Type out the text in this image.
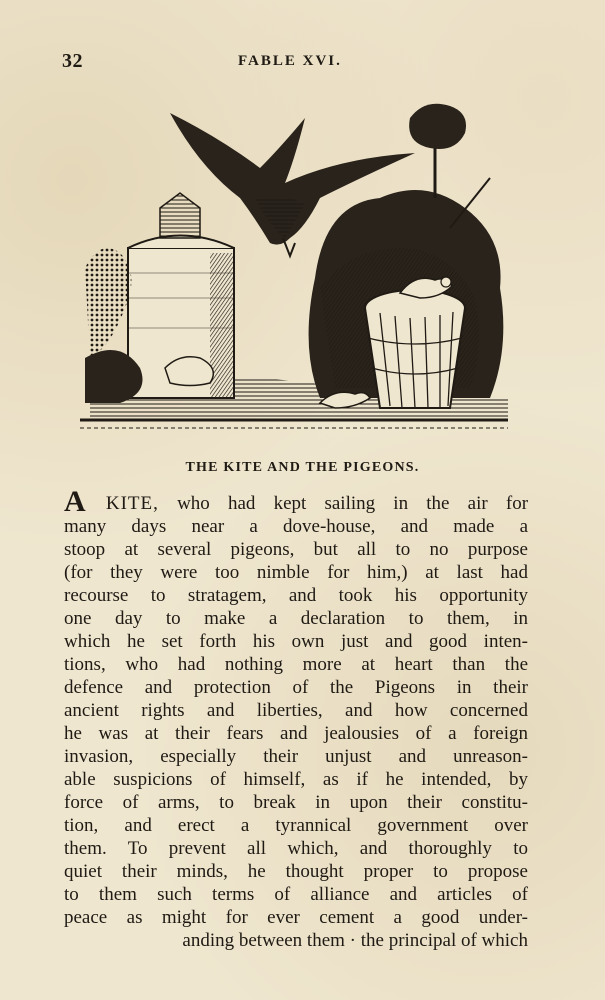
32	FABLE XVI.
THE KITE AND THE PIGEONS.
A KITE, who had kept sailing in the air for
many days near a dove-house, and made a
stoop at several pigeons, but all to no purpose
(for they were too nimble for him,) at last had
recourse to stratagem, and took his opportunity
one day to make a declaration to them, in
which he set forth his own just and good inten-
tions, who had nothing more at heart than the
defence and protection of the Pigeons in their
ancient rights and liberties, and how concerned
he was at their fears and jealousies of a foreign
invasion, especially their unjust and unreason-
able suspicions of himself, as if he intended, by
force of arms, to break in upon their constitu-
tion, and erect a tyrannical government over
them. To prevent all which, and thoroughly to
quiet their minds, he thought proper to propose
to them such terms of alliance and articles of
peace as might for ever cement a good under-
anding between them · the principal of which
